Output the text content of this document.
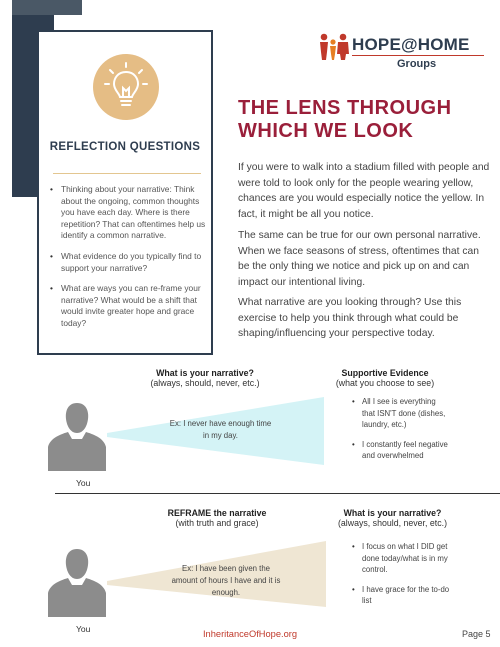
REFLECTION QUESTIONS
• Thinking about your narrative: Think about the ongoing, common thoughts you have each day. Where is there repetition? That can oftentimes help us identify a common narrative.
• What evidence do you typically find to support your narrative?
• What are ways you can re-frame your narrative? What would be a shift that would invite greater hope and grace today?
HOPE@HOME
Groups
THE LENS THROUGH WHICH WE LOOK

If you were to walk into a stadium filled with people and were told to look only for the people wearing yellow, chances are you would especially notice the yellow. In fact, it might be all you notice.

The same can be true for our own personal narrative. When we face seasons of stress, oftentimes that can be the only thing we notice and pick up on and can impact our intentional living.

What narrative are you looking through? Use this exercise to help you think through what could be shaping/influencing your perspective today.

What is your narrative?
(always, should, never, etc.)
Supportive Evidence
(what you choose to see)
Ex: I never have enough time in my day.
You
• All I see is everything that ISN'T done (dishes, laundry, etc.)
• I constantly feel negative and overwhelmed
REFRAME the narrative
(with truth and grace)
What is your narrative?
(always, should, never, etc.)
Ex: I have been given the amount of hours I have and it is enough.
You
• I focus on what I DID get done today/what is in my control.
• I have grace for the to-do list
InheritanceOfHope.org	Page 5
